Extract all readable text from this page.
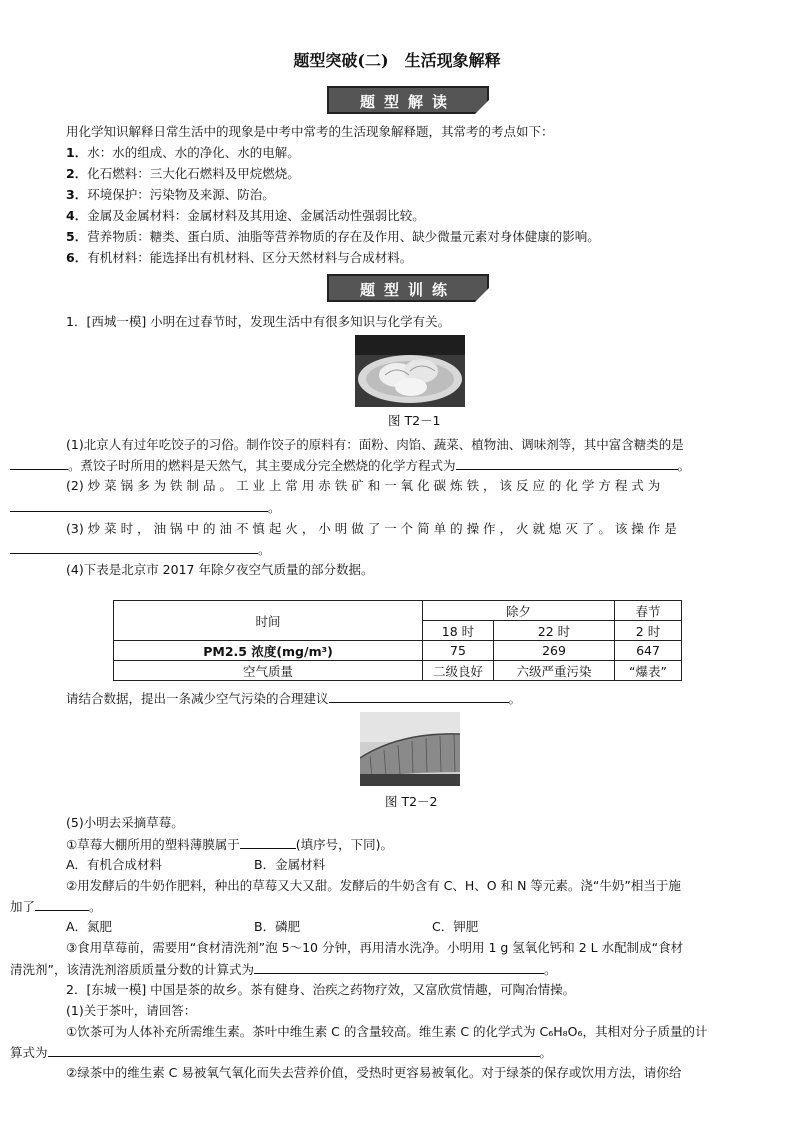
题型突破(二)　生活现象解释
题型解读
用化学知识解释日常生活中的现象是中考中常考的生活现象解释题，其常考的考点如下：
1．水：水的组成、水的净化、水的电解。
2．化石燃料：三大化石燃料及甲烷燃烧。
3．环境保护：污染物及来源、防治。
4．金属及金属材料：金属材料及其用途、金属活动性强弱比较。
5．营养物质：糖类、蛋白质、油脂等营养物质的存在及作用、缺少微量元素对身体健康的影响。
6．有机材料：能选择出有机材料、区分天然材料与合成材料。
题型训练
1．[西城一模] 小明在过春节时，发现生活中有很多知识与化学有关。
图 T2－1
(1)北京人有过年吃饺子的习俗。制作饺子的原料有：面粉、肉馅、蔬菜、植物油、调味剂等，其中富含糖类的是
。煮饺子时所用的燃料是天然气，其主要成分完全燃烧的化学方程式为	。
(2) 炒 菜 锅 多 为 铁 制 品 。 工 业 上 常 用 赤 铁 矿 和 一 氧 化 碳 炼 铁 ， 该 反 应 的 化 学 方 程 式 为
。
(3) 炒 菜 时 ， 油 锅 中 的 油 不 慎 起 火 ， 小 明 做 了 一 个 简 单 的 操 作 ， 火 就 熄 灭 了 。 该 操 作 是
。
(4)下表是北京市 2017 年除夕夜空气质量的部分数据。
时间	除夕		春节
	18 时	22 时	2 时
PM2.5 浓度(mg/m³)	75	269	647
空气质量	二级良好	六级严重污染	“爆表”
请结合数据，提出一条减少空气污染的合理建议	。
图 T2－2
(5)小明去采摘草莓。
①草莓大棚所用的塑料薄膜属于	(填序号，下同)。
A．有机合成材料	B．金属材料
②用发酵后的牛奶作肥料，种出的草莓又大又甜。发酵后的牛奶含有 C、H、O 和 N 等元素。浇“牛奶”相当于施
加了	。
A．氮肥	B．磷肥	C．钾肥
③食用草莓前，需要用“食材清洗剂”泡 5～10 分钟，再用清水洗净。小明用 1 g 氢氧化钙和 2 L 水配制成“食材
清洗剂”，该清洗剂溶质质量分数的计算式为	。
2．[东城一模] 中国是茶的故乡。茶有健身、治疾之药物疗效，又富欣赏情趣，可陶冶情操。
(1)关于茶叶，请回答：
①饮茶可为人体补充所需维生素。茶叶中维生素 C 的含量较高。维生素 C 的化学式为 C₆H₈O₆，其相对分子质量的计
算式为	。
②绿茶中的维生素 C 易被氧气氧化而失去营养价值，受热时更容易被氧化。对于绿茶的保存或饮用方法，请你给
